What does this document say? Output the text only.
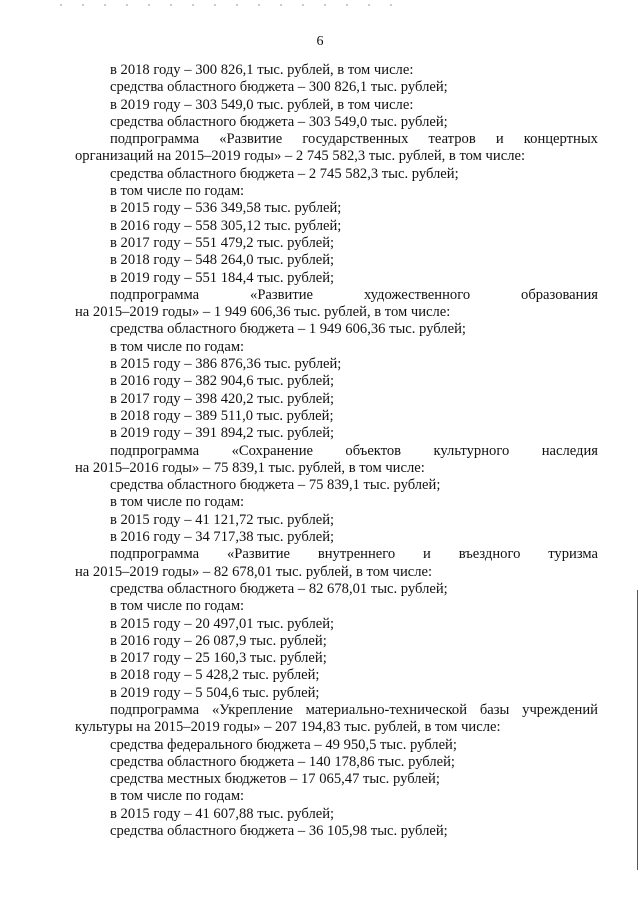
6
в 2018 году – 300 826,1 тыс. рублей, в том числе:
средства областного бюджета – 300 826,1 тыс. рублей;
в 2019 году – 303 549,0 тыс. рублей, в том числе:
средства областного бюджета – 303 549,0 тыс. рублей;
подпрограмма «Развитие государственных театров и концертных
организаций на 2015–2019 годы» – 2 745 582,3 тыс. рублей, в том числе:
средства областного бюджета – 2 745 582,3 тыс. рублей;
в том числе по годам:
в 2015 году – 536 349,58 тыс. рублей;
в 2016 году – 558 305,12 тыс. рублей;
в 2017 году – 551 479,2 тыс. рублей;
в 2018 году – 548 264,0 тыс. рублей;
в 2019 году – 551 184,4 тыс. рублей;
подпрограмма	«Развитие	художественного	образования
на 2015–2019 годы» – 1 949 606,36 тыс. рублей, в том числе:
средства областного бюджета – 1 949 606,36 тыс. рублей;
в том числе по годам:
в 2015 году – 386 876,36 тыс. рублей;
в 2016 году – 382 904,6 тыс. рублей;
в 2017 году – 398 420,2 тыс. рублей;
в 2018 году – 389 511,0 тыс. рублей;
в 2019 году – 391 894,2 тыс. рублей;
подпрограмма «Сохранение объектов культурного наследия
на 2015–2016 годы» – 75 839,1 тыс. рублей, в том числе:
средства областного бюджета – 75 839,1 тыс. рублей;
в том числе по годам:
в 2015 году – 41 121,72 тыс. рублей;
в 2016 году – 34 717,38 тыс. рублей;
подпрограмма «Развитие внутреннего и въездного туризма
на 2015–2019 годы» – 82 678,01 тыс. рублей, в том числе:
средства областного бюджета – 82 678,01 тыс. рублей;
в том числе по годам:
в 2015 году – 20 497,01 тыс. рублей;
в 2016 году – 26 087,9 тыс. рублей;
в 2017 году – 25 160,3 тыс. рублей;
в 2018 году – 5 428,2 тыс. рублей;
в 2019 году – 5 504,6 тыс. рублей;
подпрограмма «Укрепление материально-технической базы учреждений
культуры на 2015–2019 годы» – 207 194,83 тыс. рублей, в том числе:
средства федерального бюджета – 49 950,5 тыс. рублей;
средства областного бюджета – 140 178,86 тыс. рублей;
средства местных бюджетов – 17 065,47 тыс. рублей;
в том числе по годам:
в 2015 году – 41 607,88 тыс. рублей;
средства областного бюджета – 36 105,98 тыс. рублей;
